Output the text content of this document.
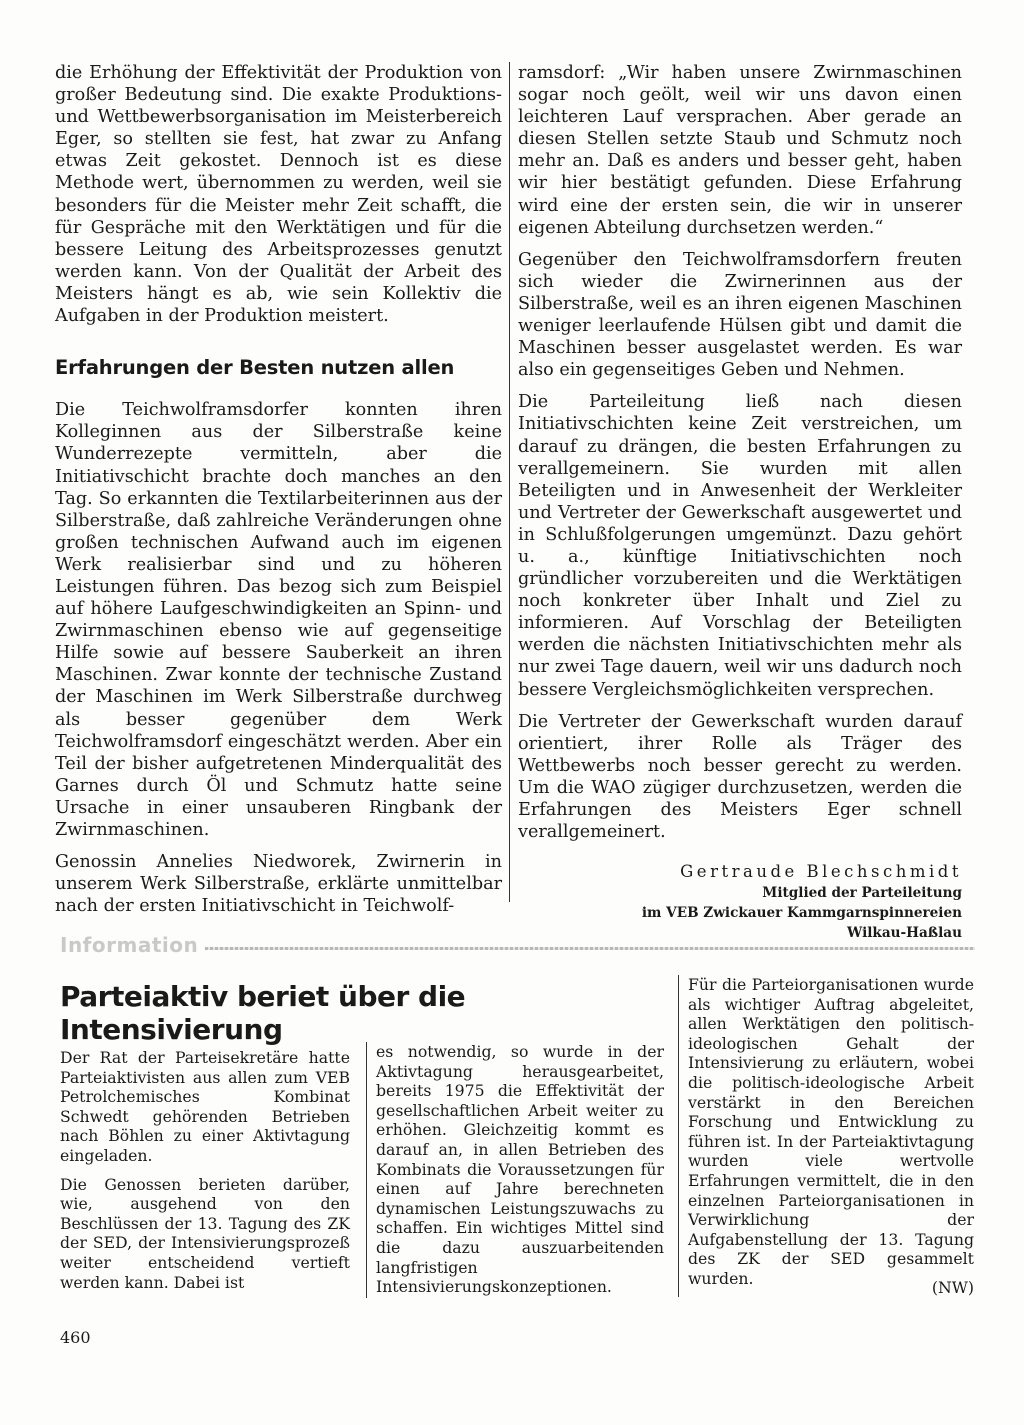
die Erhöhung der Effektivität der Produktion von großer Bedeutung sind. Die exakte Produktions- und Wettbewerbsorganisation im Meisterbereich Eger, so stellten sie fest, hat zwar zu Anfang etwas Zeit gekostet. Dennoch ist es diese Methode wert, übernommen zu werden, weil sie besonders für die Meister mehr Zeit schafft, die für Gespräche mit den Werktätigen und für die bessere Leitung des Arbeitsprozesses genutzt werden kann. Von der Qualität der Arbeit des Meisters hängt es ab, wie sein Kollektiv die Aufgaben in der Produktion meistert.

Erfahrungen der Besten nutzen allen

Die Teichwolframsdorfer konnten ihren Kolleginnen aus der Silberstraße keine Wunderrezepte vermitteln, aber die Initiativschicht brachte doch manches an den Tag. So erkannten die Textilarbeiterinnen aus der Silberstraße, daß zahlreiche Veränderungen ohne großen technischen Aufwand auch im eigenen Werk realisierbar sind und zu höheren Leistungen führen. Das bezog sich zum Beispiel auf höhere Laufgeschwindigkeiten an Spinn- und Zwirnmaschinen ebenso wie auf gegenseitige Hilfe sowie auf bessere Sauberkeit an ihren Maschinen. Zwar konnte der technische Zustand der Maschinen im Werk Silberstraße durchweg als besser gegenüber dem Werk Teichwolframsdorf eingeschätzt werden. Aber ein Teil der bisher aufgetretenen Minderqualität des Garnes durch Öl und Schmutz hatte seine Ursache in einer unsauberen Ringbank der Zwirnmaschinen.

Genossin Annelies Niedworek, Zwirnerin in unserem Werk Silberstraße, erklärte unmittelbar nach der ersten Initiativschicht in Teichwolf-

ramsdorf: „Wir haben unsere Zwirnmaschinen sogar noch geölt, weil wir uns davon einen leichteren Lauf versprachen. Aber gerade an diesen Stellen setzte Staub und Schmutz noch mehr an. Daß es anders und besser geht, haben wir hier bestätigt gefunden. Diese Erfahrung wird eine der ersten sein, die wir in unserer eigenen Abteilung durchsetzen werden.“

Gegenüber den Teichwolframsdorfern freuten sich wieder die Zwirnerinnen aus der Silberstraße, weil es an ihren eigenen Maschinen weniger leerlaufende Hülsen gibt und damit die Maschinen besser ausgelastet werden. Es war also ein gegenseitiges Geben und Nehmen.

Die Parteileitung ließ nach diesen Initiativschichten keine Zeit verstreichen, um darauf zu drängen, die besten Erfahrungen zu verallgemeinern. Sie wurden mit allen Beteiligten und in Anwesenheit der Werkleiter und Vertreter der Gewerkschaft ausgewertet und in Schlußfolgerungen umgemünzt. Dazu gehört u. a., künftige Initiativschichten noch gründlicher vorzubereiten und die Werktätigen noch konkreter über Inhalt und Ziel zu informieren. Auf Vorschlag der Beteiligten werden die nächsten Initiativschichten mehr als nur zwei Tage dauern, weil wir uns dadurch noch bessere Vergleichsmöglichkeiten versprechen.

Die Vertreter der Gewerkschaft wurden darauf orientiert, ihrer Rolle als Träger des Wettbewerbs noch besser gerecht zu werden. Um die WAO zügiger durchzusetzen, werden die Erfahrungen des Meisters Eger schnell verallgemeinert.

Gertraude Blechschmidt
Mitglied der Parteileitung
im VEB Zwickauer Kammgarnspinnereien
Wilkau-Haßlau
Information
Parteiaktiv beriet über die Intensivierung

Der Rat der Parteisekretäre hatte Parteiaktivisten aus allen zum VEB Petrolchemisches Kombinat Schwedt gehörenden Betrieben nach Böhlen zu einer Aktivtagung eingeladen.

Die Genossen berieten darüber, wie, ausgehend von den Beschlüssen der 13. Tagung des ZK der SED, der Intensivierungsprozeß weiter entscheidend vertieft werden kann. Dabei ist

es notwendig, so wurde in der Aktivtagung herausgearbeitet, bereits 1975 die Effektivität der gesellschaftlichen Arbeit weiter zu erhöhen. Gleichzeitig kommt es darauf an, in allen Betrieben des Kombinats die Voraussetzungen für einen auf Jahre berechneten dynamischen Leistungszuwachs zu schaffen. Ein wichtiges Mittel sind die dazu auszuarbeitenden langfristigen Intensivierungskonzeptionen.

Für die Parteiorganisationen wurde als wichtiger Auftrag abgeleitet, allen Werktätigen den politisch-ideologischen Gehalt der Intensivierung zu erläutern, wobei die politisch-ideologische Arbeit verstärkt in den Bereichen Forschung und Entwicklung zu führen ist. In der Parteiaktivtagung wurden viele wertvolle Erfahrungen vermittelt, die in den einzelnen Parteiorganisationen in Verwirklichung der Aufgabenstellung der 13. Tagung des ZK der SED gesammelt wurden.	(NW)
460
